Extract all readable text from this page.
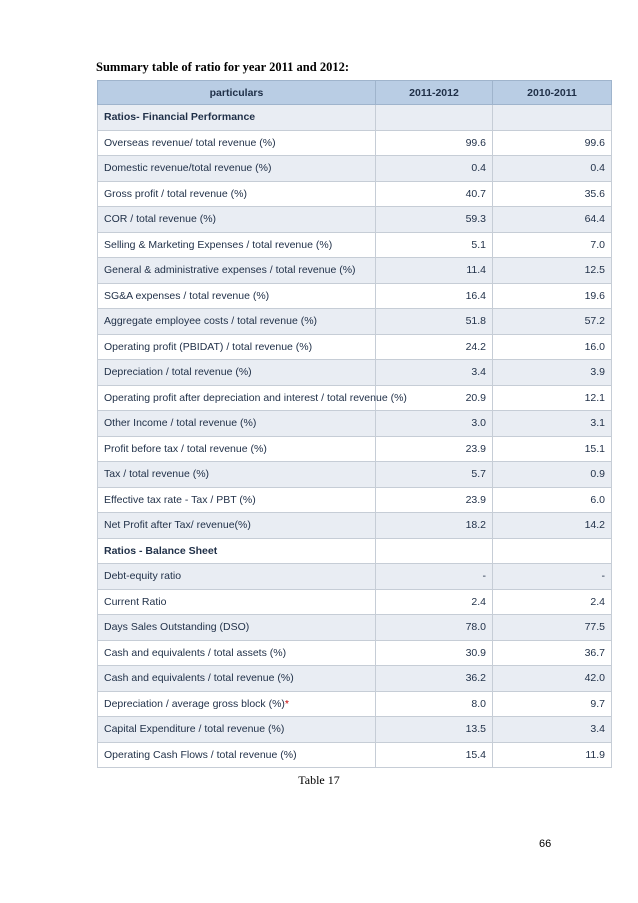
Summary table of ratio for year 2011 and 2012:
particulars	2011-2012	2010-2011
Ratios- Financial Performance		
Overseas revenue/ total revenue (%)	99.6	99.6
Domestic revenue/total revenue (%)	0.4	0.4
Gross profit / total revenue (%)	40.7	35.6
COR / total revenue (%)	59.3	64.4
Selling & Marketing Expenses / total revenue (%)	5.1	7.0
General & administrative expenses / total revenue (%)	11.4	12.5
SG&A expenses / total revenue (%)	16.4	19.6
Aggregate employee costs / total revenue (%)	51.8	57.2
Operating profit (PBIDAT) / total revenue (%)	24.2	16.0
Depreciation / total revenue (%)	3.4	3.9
Operating profit after depreciation and interest / total revenue (%)	20.9	12.1
Other Income / total revenue (%)	3.0	3.1
Profit before tax / total revenue (%)	23.9	15.1
Tax / total revenue (%)	5.7	0.9
Effective tax rate - Tax / PBT (%)	23.9	6.0
Net Profit after Tax/ revenue(%)	18.2	14.2
Ratios - Balance Sheet		
Debt-equity ratio	-	-
Current Ratio	2.4	2.4
Days Sales Outstanding (DSO)	78.0	77.5
Cash and equivalents / total assets (%)	30.9	36.7
Cash and equivalents / total revenue (%)	36.2	42.0
Depreciation / average gross block (%)*	8.0	9.7
Capital Expenditure / total revenue (%)	13.5	3.4
Operating Cash Flows / total revenue (%)	15.4	11.9
Table 17
66
